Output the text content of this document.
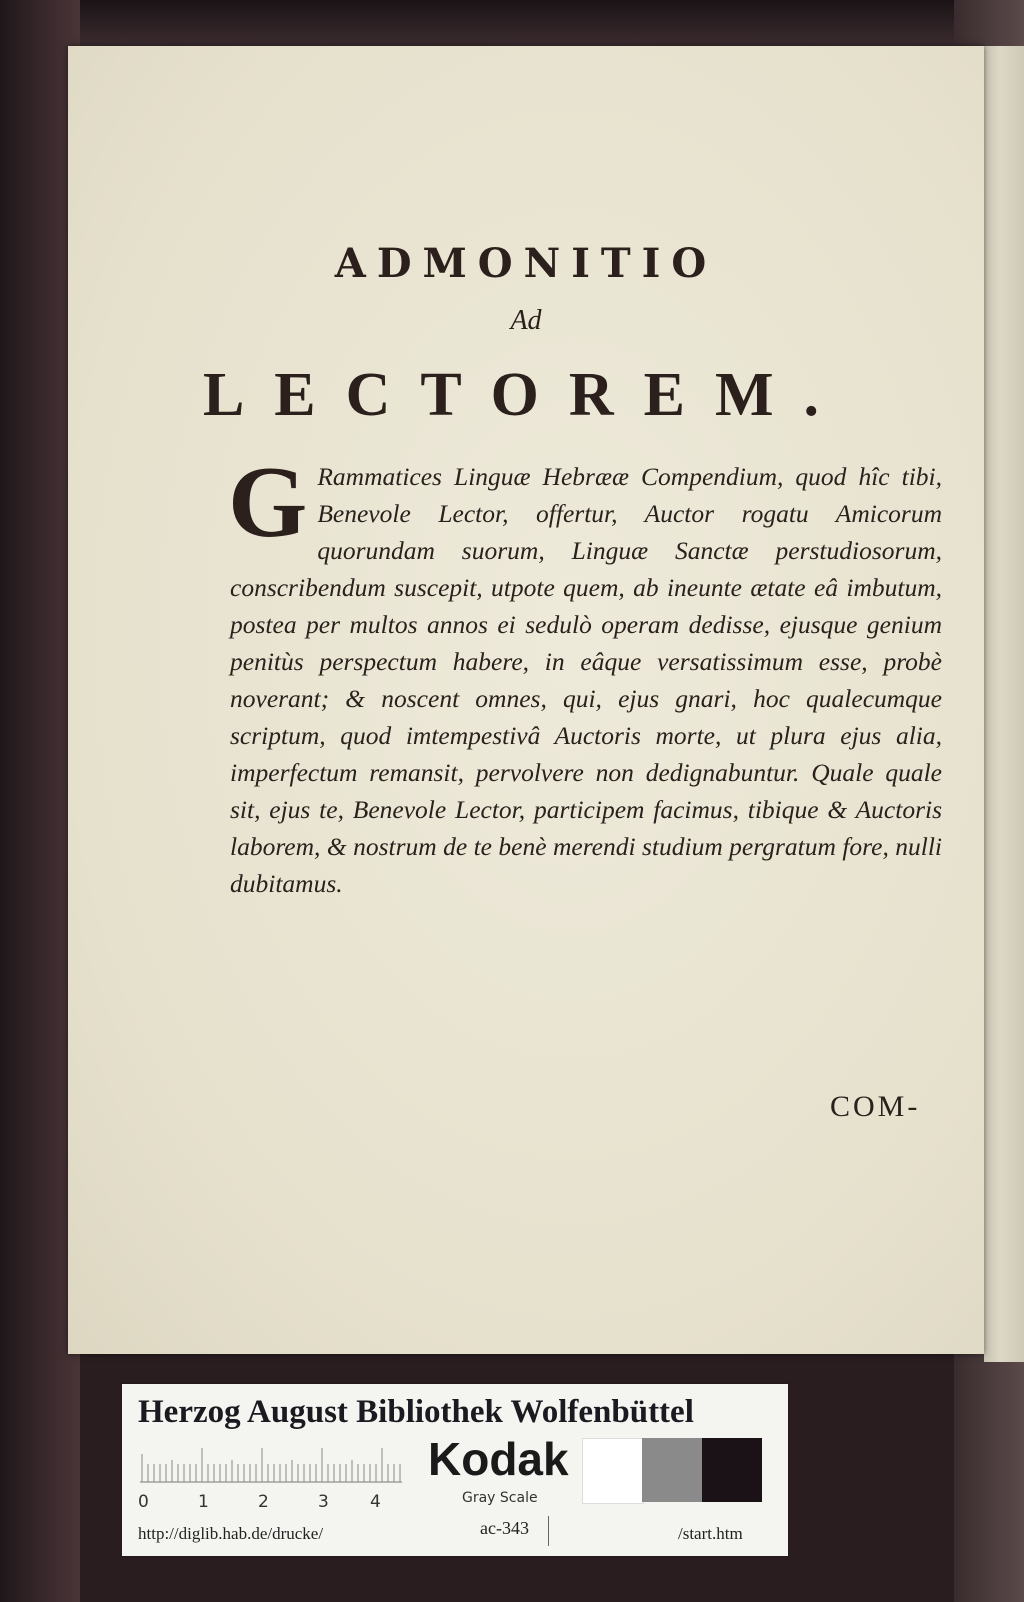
ADMONITIO
Ad
LECTOREM.
G Rammatices Linguæ Hebrææ Compendium, quod hîc tibi, Benevole Lector, offertur, Auctor rogatu Amicorum quorundam suorum, Linguæ Sanctæ perstudiosorum, conscribendum suscepit, utpote quem, ab ineunte ætate eâ imbutum, postea per multos annos ei sedulò operam dedisse, ejusque genium penitùs perspectum habere, in eâque versatissimum esse, probè noverant; & noscent omnes, qui, ejus gnari, hoc qualecumque scriptum, quod imtempestivâ Auctoris morte, ut plura ejus alia, imperfectum remansit, pervolvere non dedignabuntur. Quale quale sit, ejus te, Benevole Lector, participem facimus, tibique & Auctoris laborem, & nostrum de te benè merendi studium pergratum fore, nulli dubitamus.
COM-
Herzog August Bibliothek Wolfenbüttel
0	1	2	3 4
Kodak
Gray Scale
http://diglib.hab.de/drucke/	ac-343	/start.htm
